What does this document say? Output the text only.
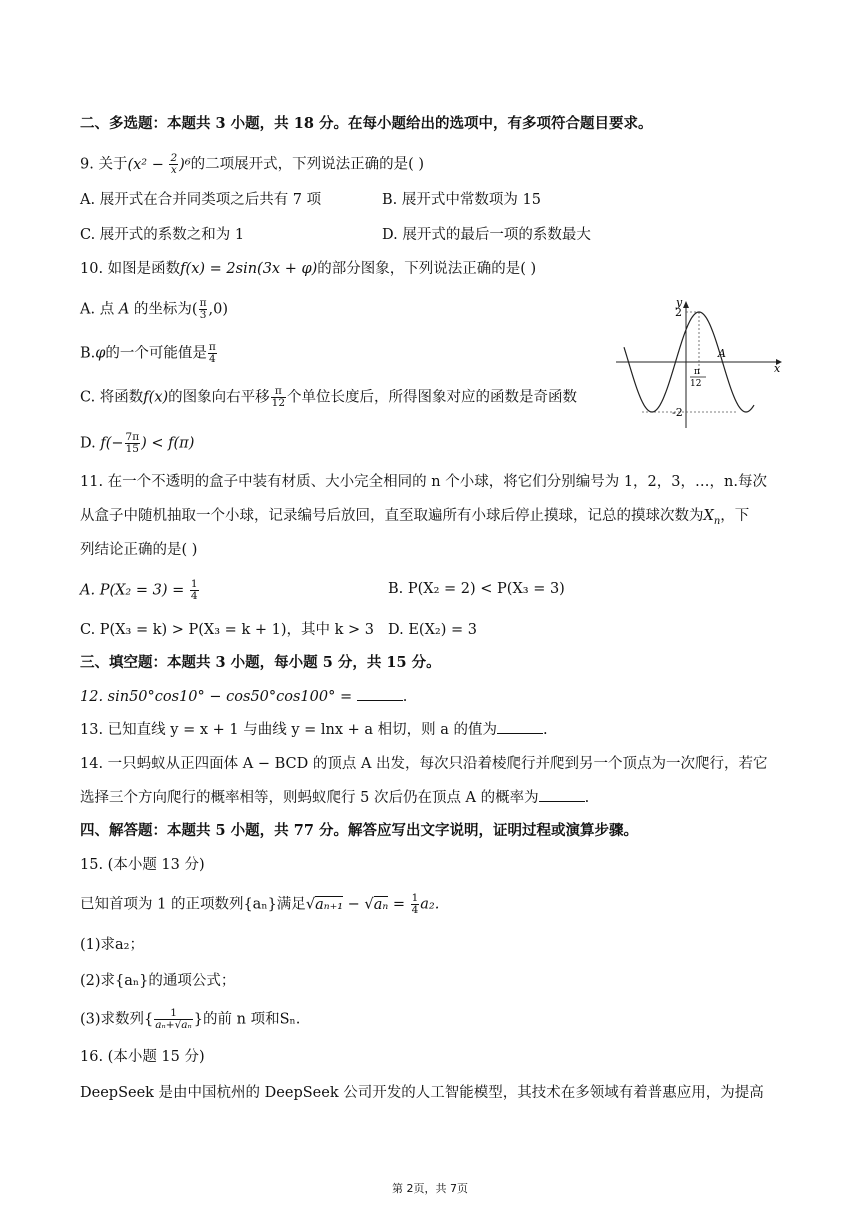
二、多选题：本题共 3 小题，共 18 分。在每小题给出的选项中，有多项符合题目要求。
9. 关于$(x^2 - \frac{2}{x} )^6$的二项展开式，下列说法正确的是( )
A. 展开式在合并同类项之后共有 7 项	B. 展开式中常数项为 15
C. 展开式的系数之和为 1	D. 展开式的最后一项的系数最大
10. 如图是函数f(x) = 2sin(3x + φ)的部分图象，下列说法正确的是( )
A. 点 A 的坐标为( $\frac{\pi}{3} ,0$)
B.φ的一个可能值是 $\frac{\pi}{4}$
C. 将函数f(x)的图象向右平移 $\frac{\pi}{12}$ 个单位长度后，所得图象对应的函数是奇函数
D. $f(- \frac{7\pi}{15}$ ) < f(π)
y
x
2
-2
A
π
12
11. 在一个不透明的盒子中装有材质、大小完全相同的 n 个小球，将它们分别编号为 1，2，3，…，n.每次
从盒子中随机抽取一个小球，记录编号后放回，直至取遍所有小球后停止摸球，记总的摸球次数为$X_n$，下
列结论正确的是( )
A. $P(X_2 = 3) = \frac{1}{4}$	B. P(X₂ = 2) < P(X₃ = 3)
C. P(X₃ = k) > P(X₃ = k + 1)，其中 k > 3 D. E(X₂) = 3
三、填空题：本题共 3 小题，每小题 5 分，共 15 分。
12. sin50°cos10° − cos50°cos100° =	.
13. 已知直线 y = x + 1 与曲线 y = lnx + a 相切，则 a 的值为	.
14. 一只蚂蚁从正四面体 A − BCD 的顶点 A 出发，每次只沿着棱爬行并爬到另一个顶点为一次爬行，若它
选择三个方向爬行的概率相等，则蚂蚁爬行 5 次后仍在顶点 A 的概率为	.
四、解答题：本题共 5 小题，共 77 分。解答应写出文字说明，证明过程或演算步骤。
15. (本小题 13 分)
已知首项为 1 的正项数列{aₙ}满足$√a_{n+1} - √a_n = \frac{1}{4} a_2$.
(1)求a₂；
(2)求{aₙ}的通项公式；
(3)求数列{ $\frac{1}{\text{aₙ+√aₙ}}$ }的前 n 项和Sₙ.
16. (本小题 15 分)
DeepSeek 是由中国杭州的 DeepSeek 公司开发的人工智能模型，其技术在多领域有着普惠应用，为提高
第 2页，共 7页
